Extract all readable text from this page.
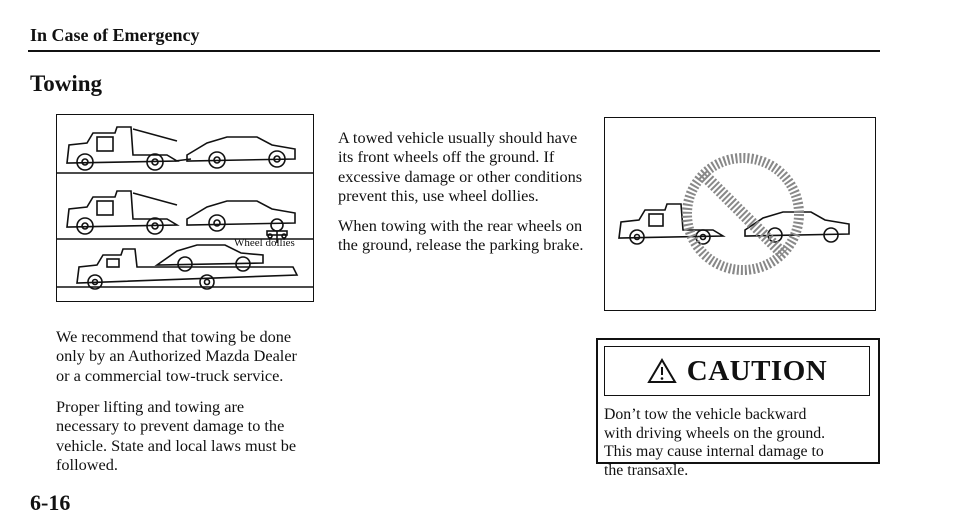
In Case of Emergency
Towing
Wheel dollies
We recommend that towing be done
only by an Authorized Mazda Dealer
or a commercial tow-truck service.
Proper lifting and towing are
necessary to prevent damage to the
vehicle. State and local laws must be
followed.
A towed vehicle usually should have
its front wheels off the ground. If
excessive damage or other conditions
prevent this, use wheel dollies.
When towing with the rear wheels on
the ground, release the parking brake.
CAUTION
Don’t tow the vehicle backward
with driving wheels on the ground.
This may cause internal damage to
the transaxle.
6-16
